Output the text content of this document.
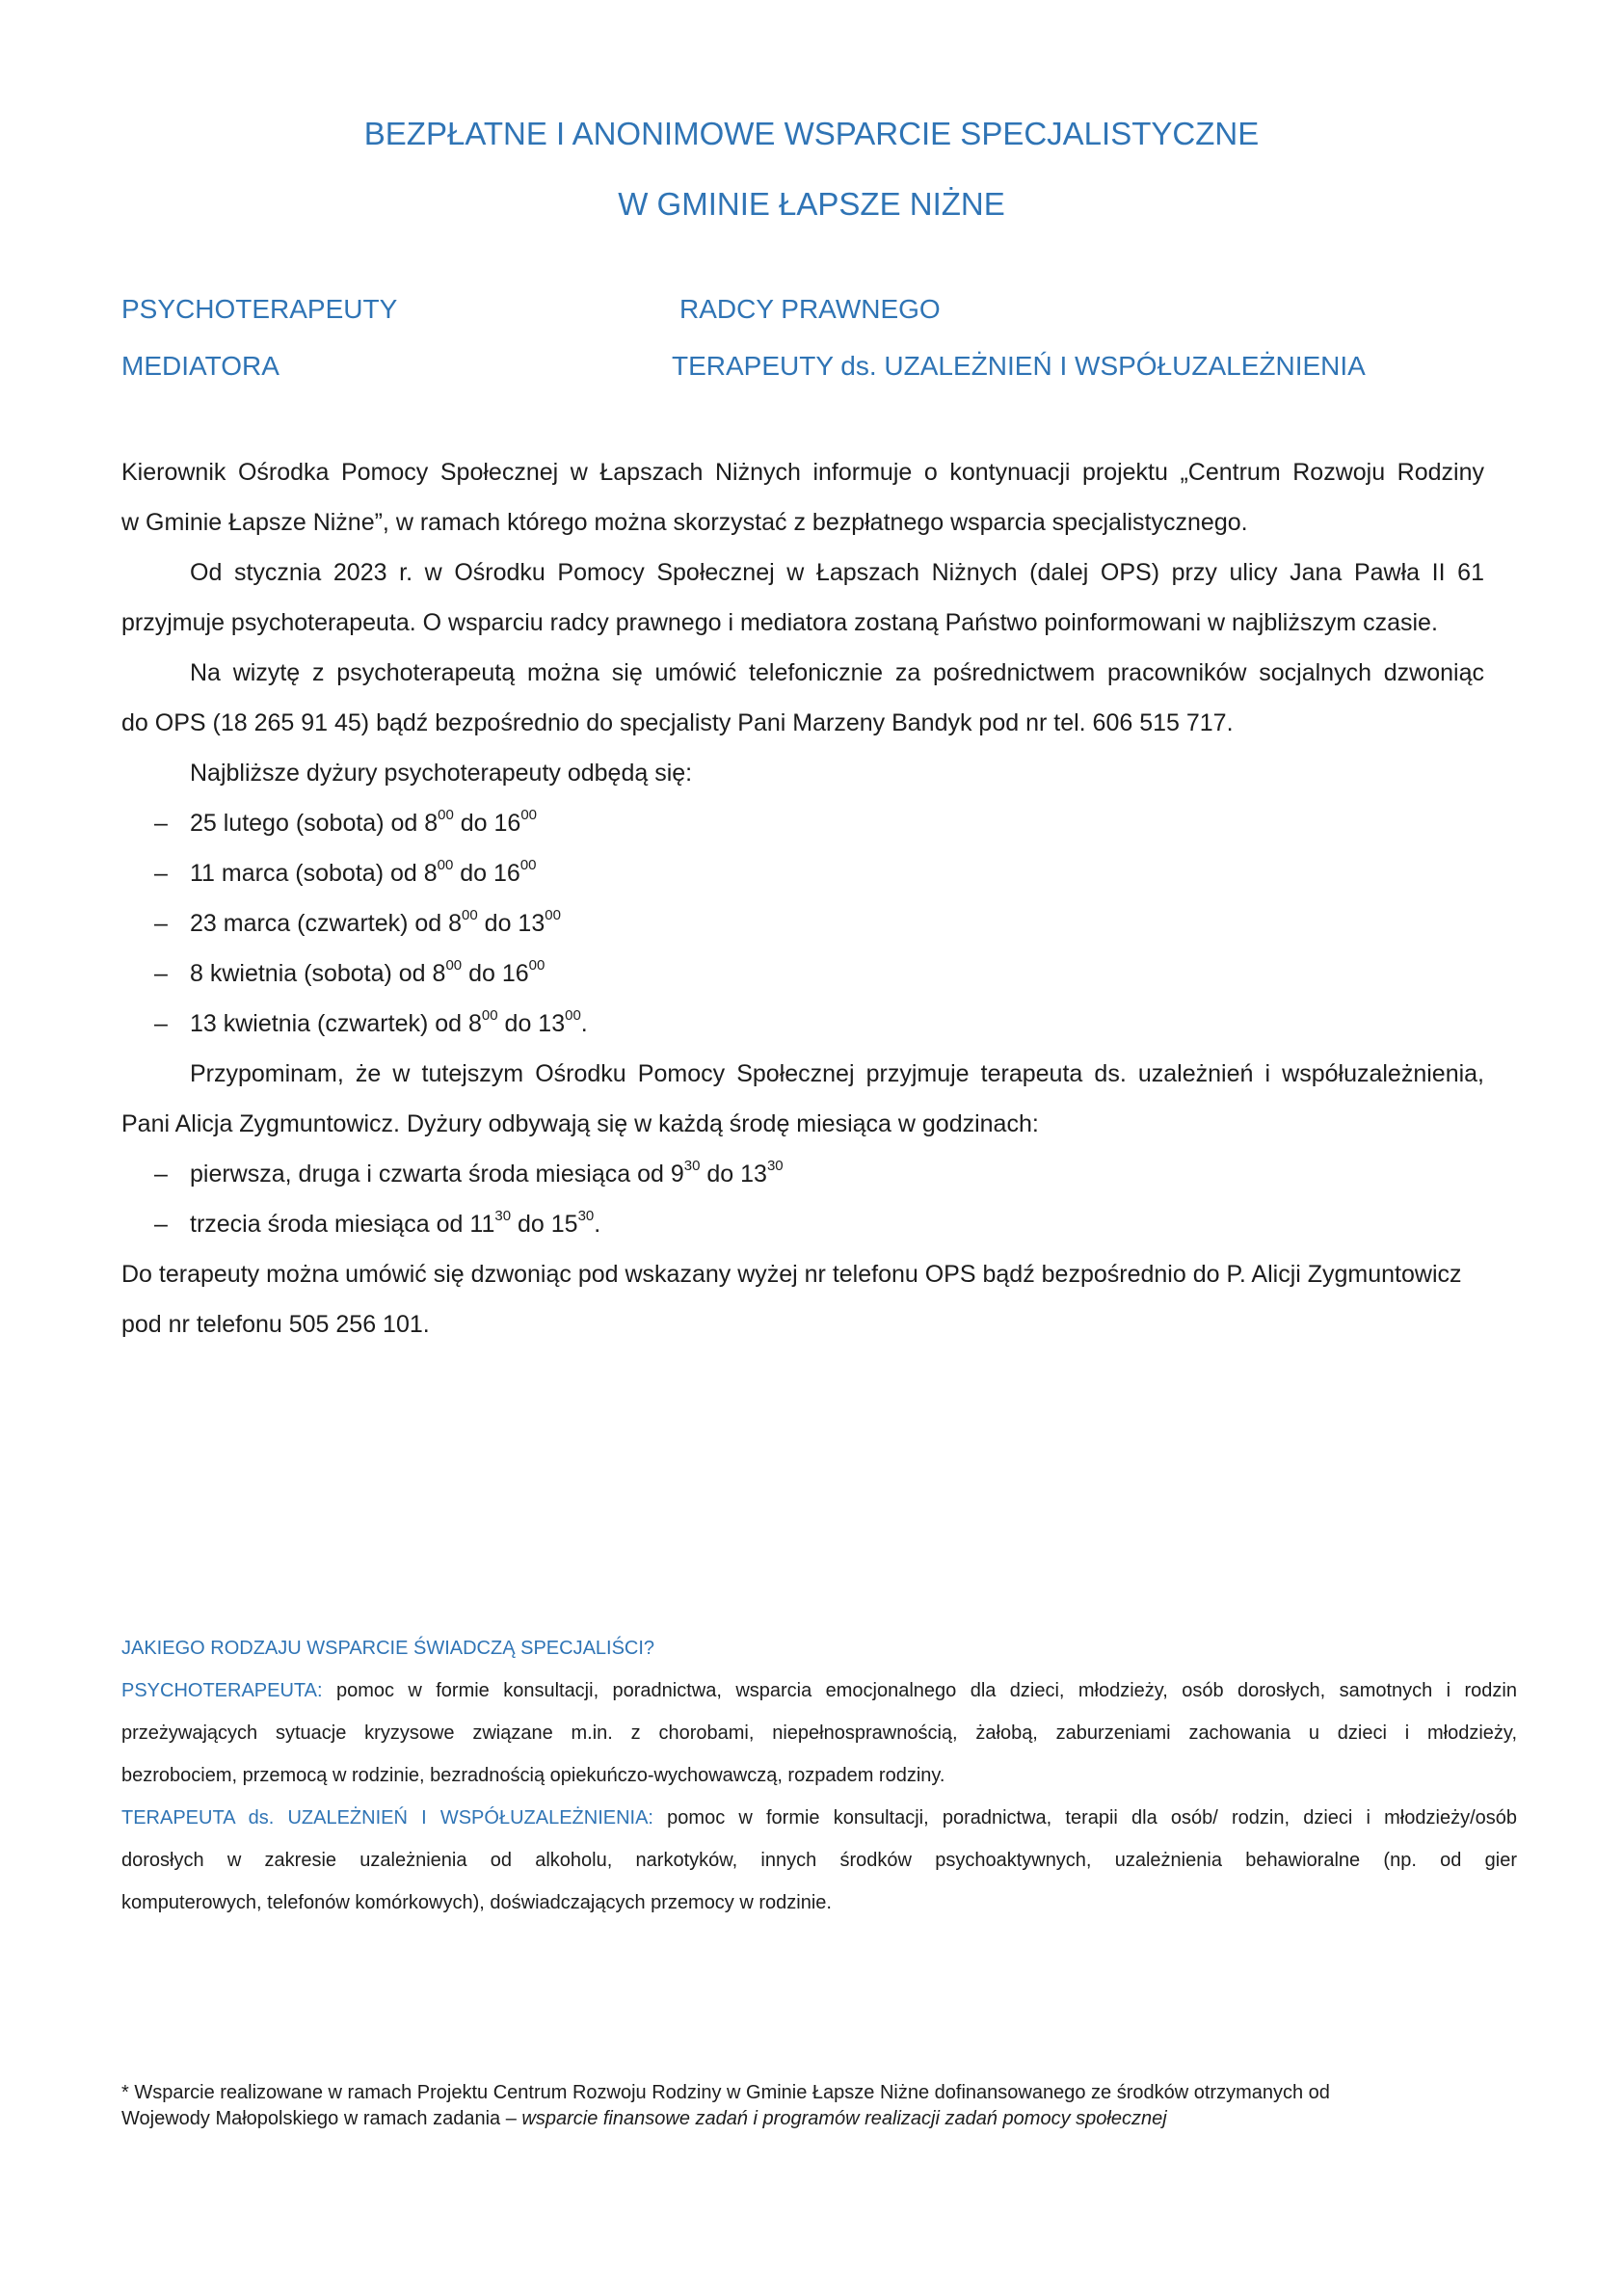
BEZPŁATNE I ANONIMOWE WSPARCIE SPECJALISTYCZNE
W GMINIE ŁAPSZE NIŻNE
PSYCHOTERAPEUTY	RADCY PRAWNEGO
MEDIATORA	TERAPEUTY ds. UZALEŻNIEŃ I WSPÓŁUZALEŻNIENIA
Kierownik Ośrodka Pomocy Społecznej w Łapszach Niżnych informuje o kontynuacji projektu „Centrum Rozwoju Rodziny
w Gminie Łapsze Niżne”, w ramach którego można skorzystać z bezpłatnego wsparcia specjalistycznego.
Od stycznia 2023 r. w Ośrodku Pomocy Społecznej w Łapszach Niżnych (dalej OPS) przy ulicy Jana Pawła II 61
przyjmuje psychoterapeuta. O wsparciu radcy prawnego i mediatora zostaną Państwo poinformowani w najbliższym czasie.
Na wizytę z psychoterapeutą można się umówić telefonicznie za pośrednictwem pracowników socjalnych dzwoniąc
do OPS (18 265 91 45) bądź bezpośrednio do specjalisty Pani Marzeny Bandyk pod nr tel. 606 515 717.
Najbliższe dyżury psychoterapeuty odbędą się:
– 25 lutego (sobota) od $8^{00}$ do $16^{00}$
– 11 marca (sobota) od $8^{00}$ do $16^{00}$
– 23 marca (czwartek) od $8^{00}$ do $13^{00}$
– 8 kwietnia (sobota) od $8^{00}$ do $16^{00}$
– 13 kwietnia (czwartek) od $8^{00}$ do $13^{00}$.
Przypominam, że w tutejszym Ośrodku Pomocy Społecznej przyjmuje terapeuta ds. uzależnień i współuzależnienia,
Pani Alicja Zygmuntowicz. Dyżury odbywają się w każdą środę miesiąca w godzinach:
– pierwsza, druga i czwarta środa miesiąca od $9^{30}$ do $13^{30}$
– trzecia środa miesiąca od $11^{30}$ do $15^{30}$.
Do terapeuty można umówić się dzwoniąc pod wskazany wyżej nr telefonu OPS bądź bezpośrednio do P. Alicji Zygmuntowicz
pod nr telefonu 505 256 101.
JAKIEGO RODZAJU WSPARCIE ŚWIADCZĄ SPECJALIŚCI?
PSYCHOTERAPEUTA: pomoc w formie konsultacji, poradnictwa, wsparcia emocjonalnego dla dzieci, młodzieży, osób dorosłych, samotnych i rodzin
przeżywających sytuacje kryzysowe związane m.in. z chorobami, niepełnosprawnością, żałobą, zaburzeniami zachowania u dzieci i młodzieży,
bezrobociem, przemocą w rodzinie, bezradnością opiekuńczo-wychowawczą, rozpadem rodziny.
TERAPEUTA ds. UZALEŻNIEŃ I WSPÓŁUZALEŻNIENIA: pomoc w formie konsultacji, poradnictwa, terapii dla osób/ rodzin, dzieci i młodzieży/osób
dorosłych w zakresie uzależnienia od alkoholu, narkotyków, innych środków psychoaktywnych, uzależnienia behawioralne (np. od gier
komputerowych, telefonów komórkowych), doświadczających przemocy w rodzinie.
* Wsparcie realizowane w ramach Projektu Centrum Rozwoju Rodziny w Gminie Łapsze Niżne dofinansowanego ze środków otrzymanych od
Wojewody Małopolskiego w ramach zadania – wsparcie finansowe zadań i programów realizacji zadań pomocy społecznej
